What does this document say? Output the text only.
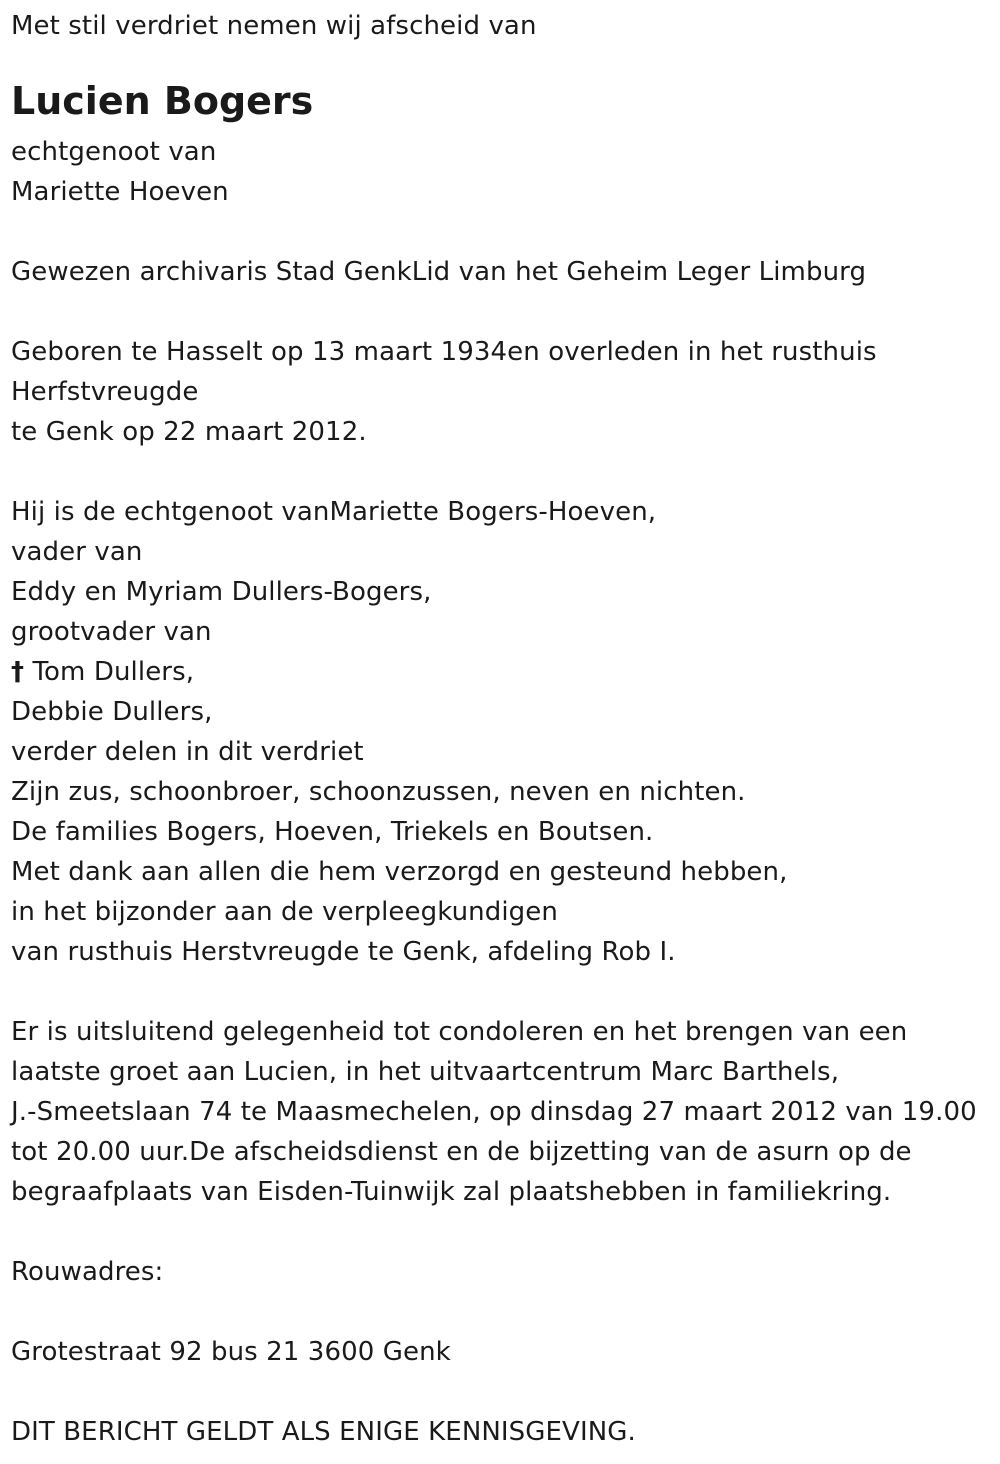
Met stil verdriet nemen wij afscheid van
Lucien Bogers
echtgenoot van
Mariette Hoeven
Gewezen archivaris Stad GenkLid van het Geheim Leger Limburg
Geboren te Hasselt op 13 maart 1934en overleden in het rusthuis
Herfstvreugde
te Genk op 22 maart 2012.
Hij is de echtgenoot vanMariette Bogers-Hoeven,
vader van
Eddy en Myriam Dullers-Bogers,
grootvader van
† Tom Dullers,
Debbie Dullers,
verder delen in dit verdriet
Zijn zus, schoonbroer, schoonzussen, neven en nichten.
De families Bogers, Hoeven, Triekels en Boutsen.
Met dank aan allen die hem verzorgd en gesteund hebben,
in het bijzonder aan de verpleegkundigen
van rusthuis Herstvreugde te Genk, afdeling Rob I.
Er is uitsluitend gelegenheid tot condoleren en het brengen van een
laatste groet aan Lucien, in het uitvaartcentrum Marc Barthels,
J.-Smeetslaan 74 te Maasmechelen, op dinsdag 27 maart 2012 van 19.00
tot 20.00 uur.De afscheidsdienst en de bijzetting van de asurn op de
begraafplaats van Eisden-Tuinwijk zal plaatshebben in familiekring.
Rouwadres:
Grotestraat 92 bus 21 3600 Genk
DIT BERICHT GELDT ALS ENIGE KENNISGEVING.
